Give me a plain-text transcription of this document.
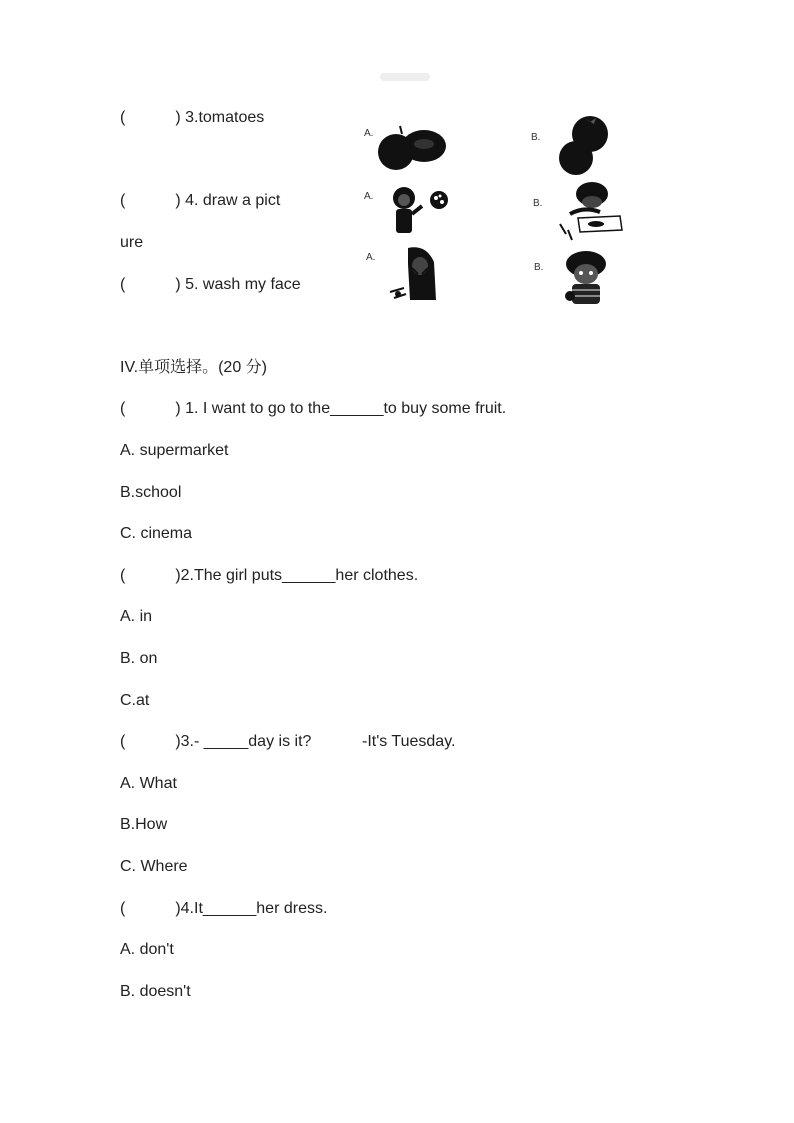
(	) 3.tomatoes
(	) 4. draw a pict
ure
(	) 5. wash my face
A.	B.
A.
B.
A.
B.
IV.单项选择。(20 分)
(	) 1. I want to go to the______to buy some fruit.
A. supermarket
B.school
C. cinema
(	)2.The girl puts______her clothes.
A. in
B. on
C.at
(	)3.- _____day is it?	-It's Tuesday.
A. What
B.How
C. Where
(	)4.It______her dress.
A. don't
B. doesn't
